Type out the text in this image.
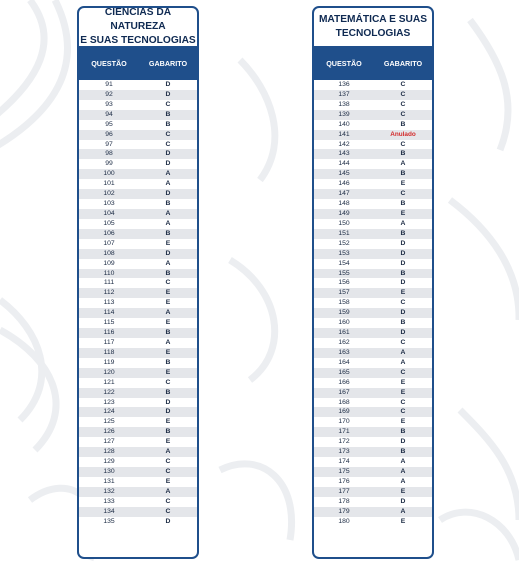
CIÊNCIAS DA NATUREZA
E SUAS TECNOLOGIAS
QUESTÃO	GABARITO
91	D
92	D
93	C
94	B
95	B
96	C
97	C
98	D
99	D
100	A
101	A
102	D
103	B
104	A
105	A
106	B
107	E
108	D
109	A
110	B
111	C
112	E
113	E
114	A
115	E
116	B
117	A
118	E
119	B
120	E
121	C
122	B
123	D
124	D
125	E
126	B
127	E
128	A
129	C
130	C
131	E
132	A
133	C
134	C
135	D
MATEMÁTICA E SUAS
TECNOLOGIAS
QUESTÃO	GABARITO
136	C
137	C
138	C
139	C
140	B
141	Anulado
142	C
143	B
144	A
145	B
146	E
147	C
148	B
149	E
150	A
151	B
152	D
153	D
154	D
155	B
156	D
157	E
158	C
159	D
160	B
161	D
162	C
163	A
164	A
165	C
166	E
167	E
168	C
169	C
170	E
171	B
172	D
173	B
174	A
175	A
176	A
177	E
178	D
179	A
180	E
